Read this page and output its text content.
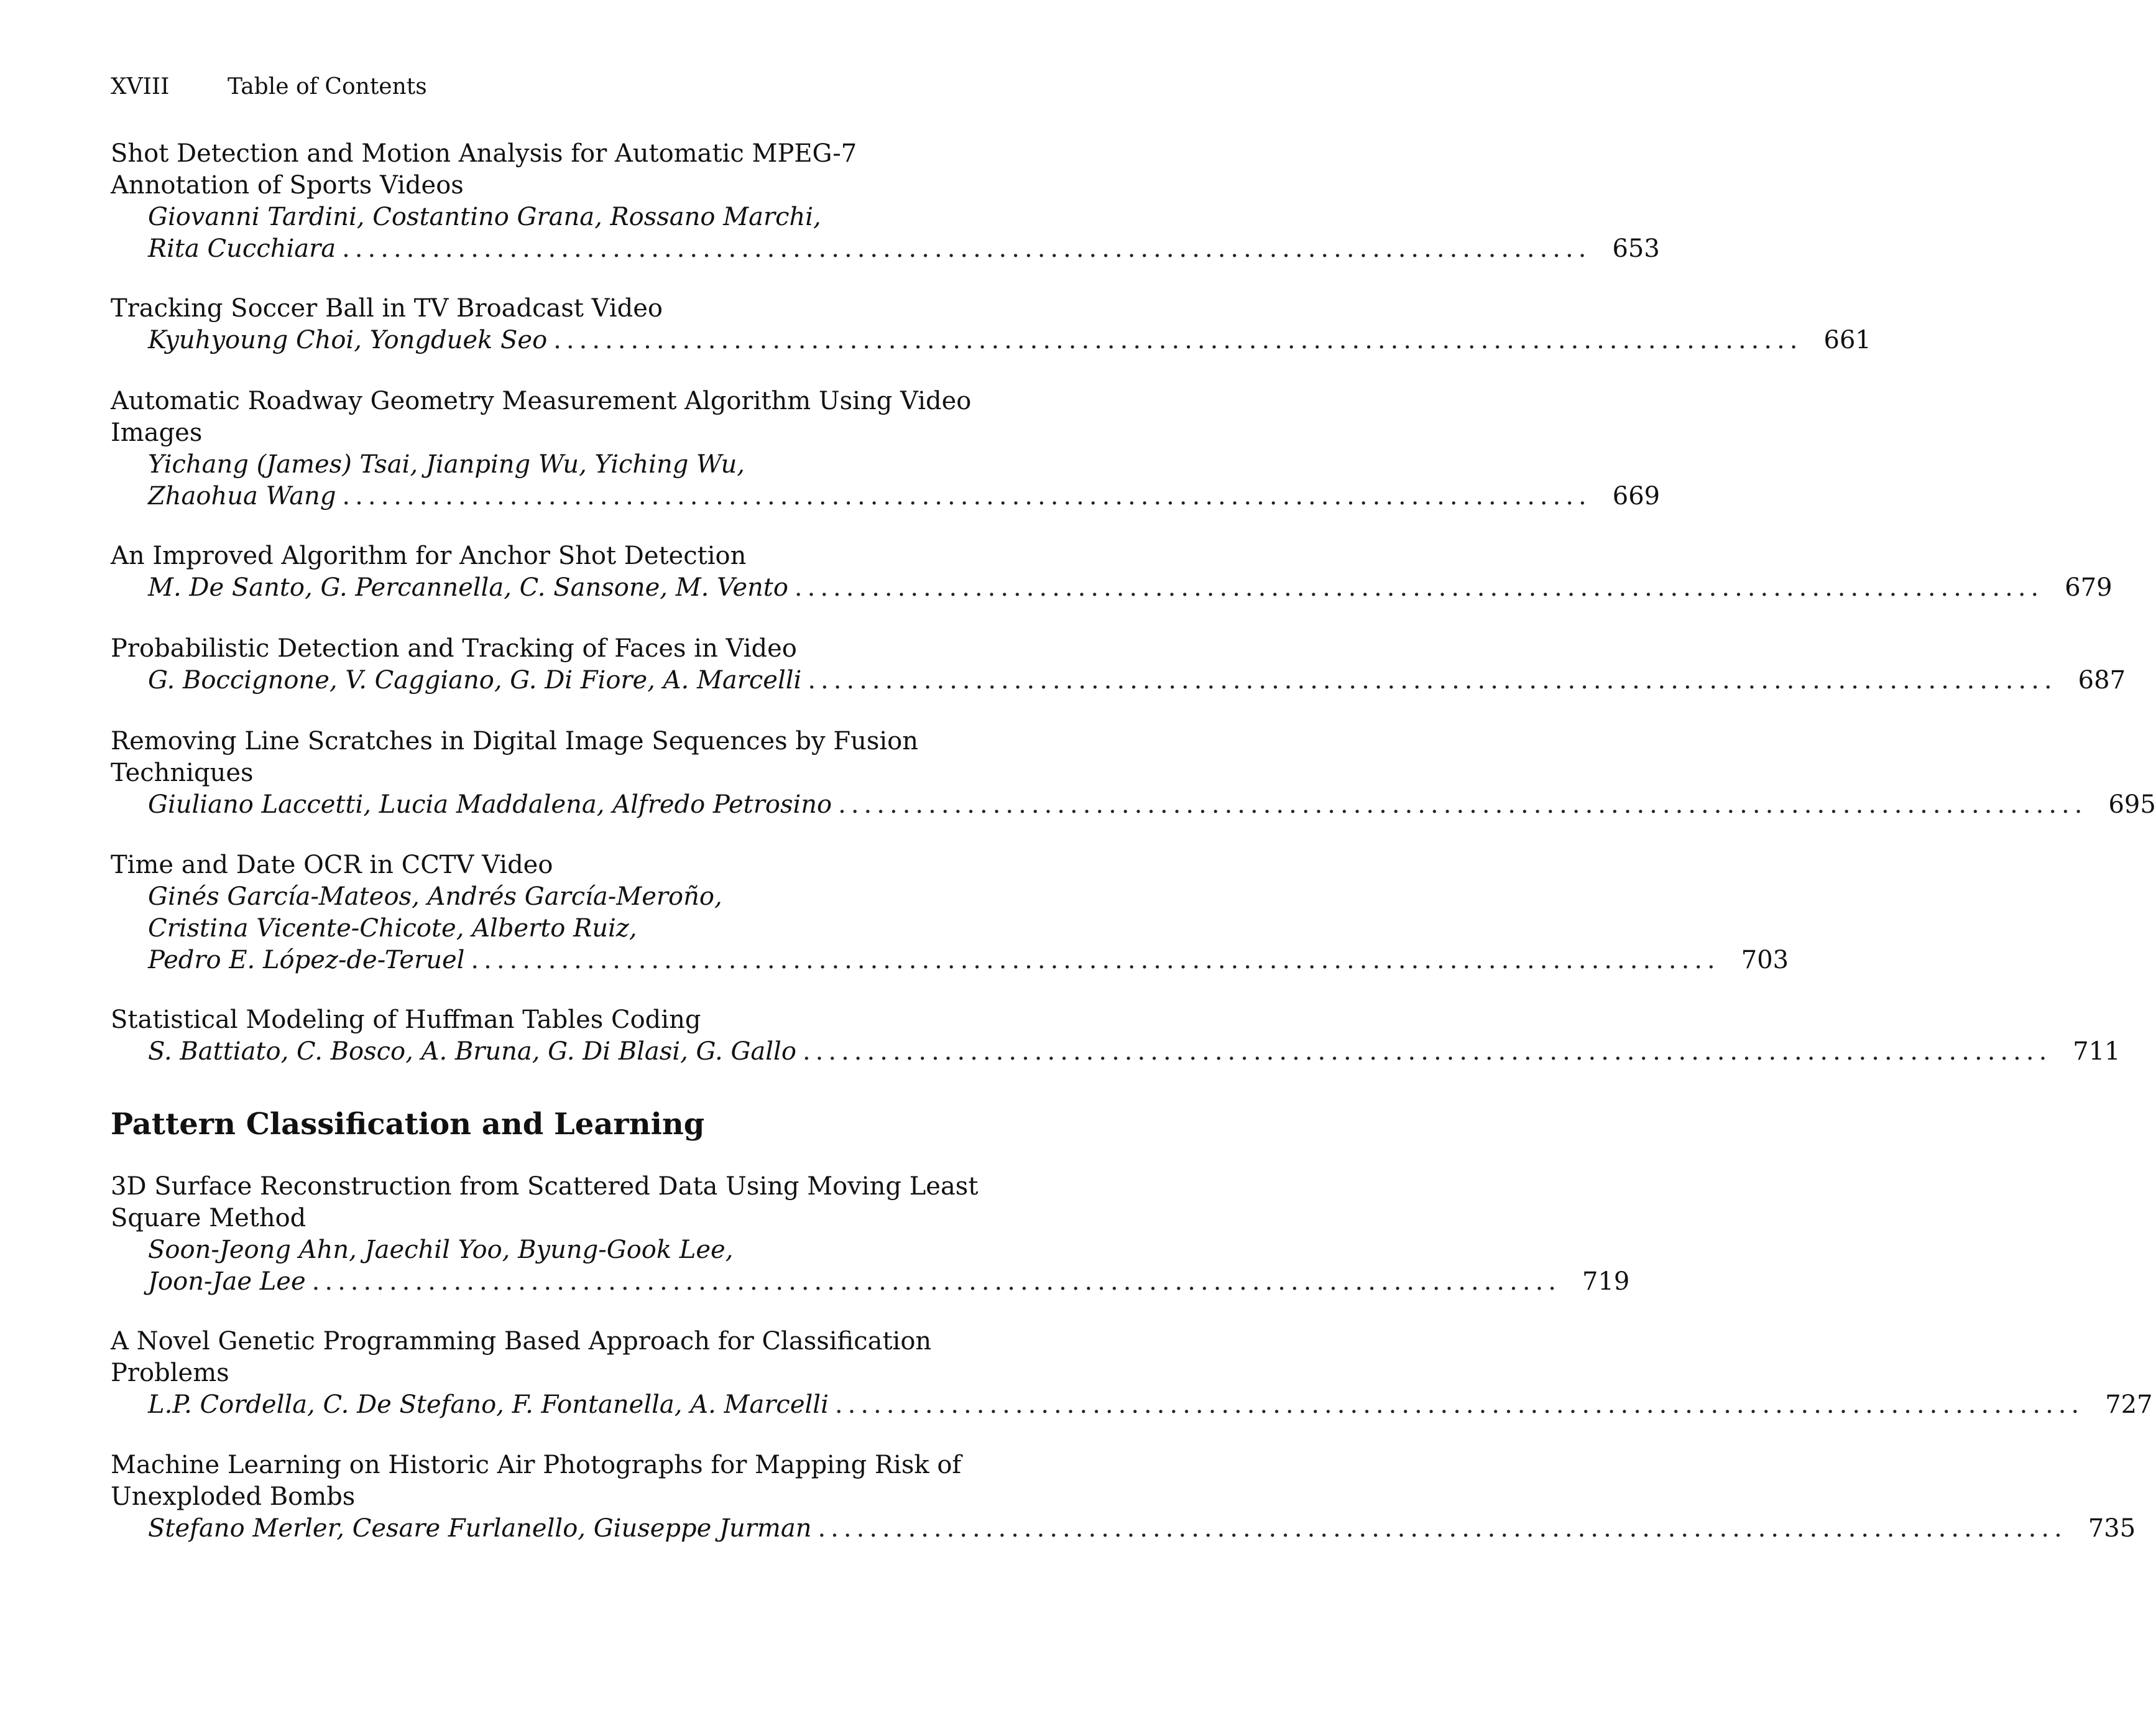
XVIII	Table of Contents
Shot Detection and Motion Analysis for Automatic MPEG-7
Annotation of Sports Videos
Giovanni Tardini, Costantino Grana, Rossano Marchi,
Rita Cucchiara ................................................................................................. 653
Tracking Soccer Ball in TV Broadcast Video
Kyuhyoung Choi, Yongduek Seo ................................................................................................. 661
Automatic Roadway Geometry Measurement Algorithm Using Video
Images
Yichang (James) Tsai, Jianping Wu, Yiching Wu,
Zhaohua Wang ................................................................................................. 669
An Improved Algorithm for Anchor Shot Detection
M. De Santo, G. Percannella, C. Sansone, M. Vento ................................................................................................. 679
Probabilistic Detection and Tracking of Faces in Video
G. Boccignone, V. Caggiano, G. Di Fiore, A. Marcelli ................................................................................................. 687
Removing Line Scratches in Digital Image Sequences by Fusion
Techniques
Giuliano Laccetti, Lucia Maddalena, Alfredo Petrosino ................................................................................................. 695
Time and Date OCR in CCTV Video
Ginés García-Mateos, Andrés García-Meroño,
Cristina Vicente-Chicote, Alberto Ruiz,
Pedro E. López-de-Teruel ................................................................................................. 703
Statistical Modeling of Huffman Tables Coding
S. Battiato, C. Bosco, A. Bruna, G. Di Blasi, G. Gallo ................................................................................................. 711
Pattern Classification and Learning
3D Surface Reconstruction from Scattered Data Using Moving Least
Square Method
Soon-Jeong Ahn, Jaechil Yoo, Byung-Gook Lee,
Joon-Jae Lee ................................................................................................. 719
A Novel Genetic Programming Based Approach for Classification
Problems
L.P. Cordella, C. De Stefano, F. Fontanella, A. Marcelli ................................................................................................. 727
Machine Learning on Historic Air Photographs for Mapping Risk of
Unexploded Bombs
Stefano Merler, Cesare Furlanello, Giuseppe Jurman ................................................................................................. 735
